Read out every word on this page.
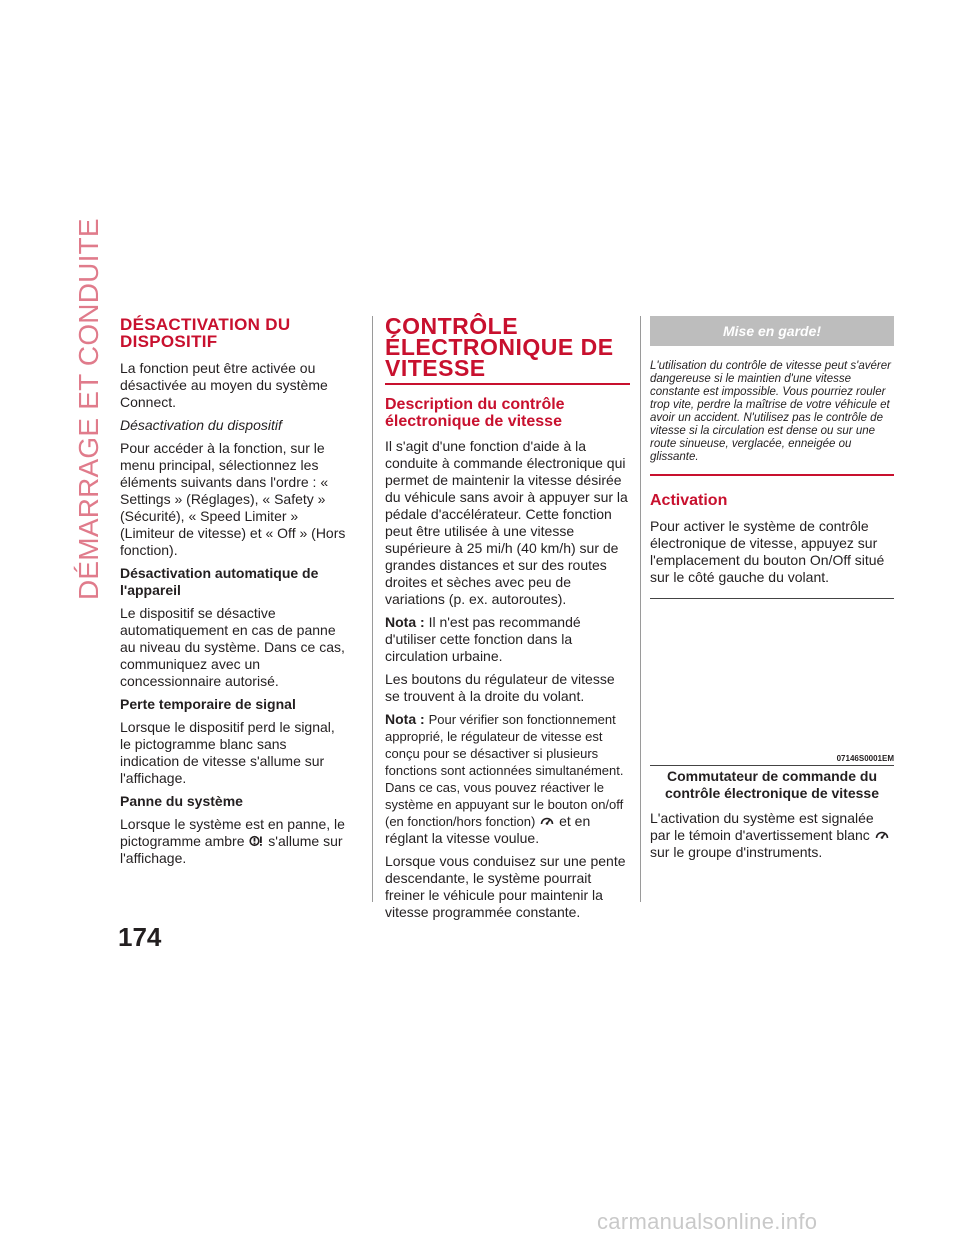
DÉMARRAGE ET CONDUITE
174
DÉSACTIVATION DU DISPOSITIF

La fonction peut être activée ou désactivée au moyen du système Connect.

Désactivation du dispositif

Pour accéder à la fonction, sur le menu principal, sélectionnez les éléments suivants dans l'ordre : « Settings » (Réglages), « Safety » (Sécurité), « Speed Limiter » (Limiteur de vitesse) et « Off » (Hors fonction).

Désactivation automatique de l'appareil

Le dispositif se désactive automatiquement en cas de panne au niveau du système. Dans ce cas, communiquez avec un concessionnaire autorisé.

Perte temporaire de signal

Lorsque le dispositif perd le signal, le pictogramme blanc sans indication de vitesse s'allume sur l'affichage.

Panne du système

Lorsque le système est en panne, le pictogramme ambre s'allume sur l'affichage.

CONTRÔLE ÉLECTRONIQUE DE VITESSE
Description du contrôle électronique de vitesse

Il s'agit d'une fonction d'aide à la conduite à commande électronique qui permet de maintenir la vitesse désirée du véhicule sans avoir à appuyer sur la pédale d'accélérateur. Cette fonction peut être utilisée à une vitesse supérieure à 25 mi/h (40 km/h) sur de grandes distances et sur des routes droites et sèches avec peu de variations (p. ex. autoroutes).

Nota : Il n'est pas recommandé d'utiliser cette fonction dans la circulation urbaine.

Les boutons du régulateur de vitesse se trouvent à la droite du volant.

Nota : Pour vérifier son fonctionnement approprié, le régulateur de vitesse est conçu pour se désactiver si plusieurs fonctions sont actionnées simultanément. Dans ce cas, vous pouvez réactiver le système en appuyant sur le bouton on/off (en fonction/hors fonction) et en réglant la vitesse voulue.

Lorsque vous conduisez sur une pente descendante, le système pourrait freiner le véhicule pour maintenir la vitesse programmée constante.

Mise en garde!
L'utilisation du contrôle de vitesse peut s'avérer dangereuse si le maintien d'une vitesse constante est impossible. Vous pourriez rouler trop vite, perdre la maîtrise de votre véhicule et avoir un accident. N'utilisez pas le contrôle de vitesse si la circulation est dense ou sur une route sinueuse, verglacée, enneigée ou glissante.
Activation

Pour activer le système de contrôle électronique de vitesse, appuyez sur l'emplacement du bouton On/Off situé sur le côté gauche du volant.

07146S0001EM
Commutateur de commande du contrôle électronique de vitesse

L'activation du système est signalée par le témoin d'avertissement blanc  sur le groupe d'instruments.

carmanualsonline.info
